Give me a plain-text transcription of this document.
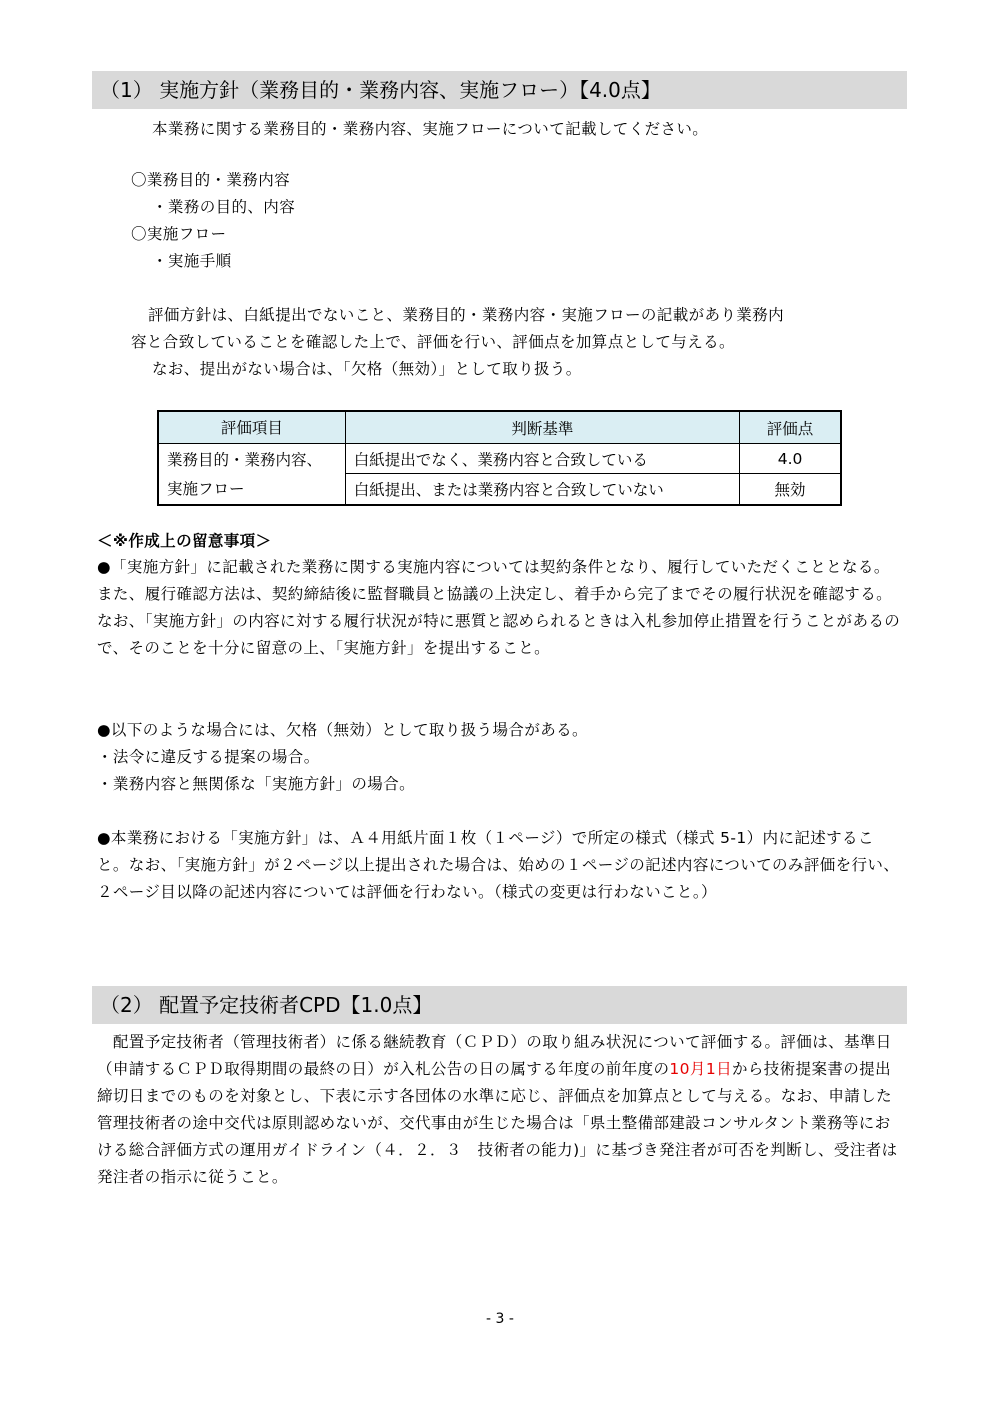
（1） 実施方針（業務目的・業務内容、実施フロー）【4.0点】
本業務に関する業務目的・業務内容、実施フローについて記載してください。
〇業務目的・業務内容
・業務の目的、内容
〇実施フロー
・実施手順
評価方針は、白紙提出でないこと、業務目的・業務内容・実施フローの記載があり業務内
容と合致していることを確認した上で、評価を行い、評価点を加算点として与える。
なお、提出がない場合は、「欠格（無効）」として取り扱う。
評価項目	判断基準	評価点
業務目的・業務内容、実施フロー	白紙提出でなく、業務内容と合致している	4.0
	白紙提出、または業務内容と合致していない	無効
＜※作成上の留意事項＞
●「実施方針」に記載された業務に関する実施内容については契約条件となり、履行していただくこととなる。また、履行確認方法は、契約締結後に監督職員と協議の上決定し、着手から完了までその履行状況を確認する。なお、「実施方針」の内容に対する履行状況が特に悪質と認められるときは入札参加停止措置を行うことがあるので、そのことを十分に留意の上、「実施方針」を提出すること。
●以下のような場合には、欠格（無効）として取り扱う場合がある。
・法令に違反する提案の場合。
・業務内容と無関係な「実施方針」の場合。
●本業務における「実施方針」は、Ａ４用紙片面１枚（１ページ）で所定の様式（様式 5-1）内に記述すること。なお、「実施方針」が２ページ以上提出された場合は、始めの１ページの記述内容についてのみ評価を行い、２ページ目以降の記述内容については評価を行わない。（様式の変更は行わないこと。）
（2） 配置予定技術者CPD【1.0点】
　配置予定技術者（管理技術者）に係る継続教育（ＣＰＤ）の取り組み状況について評価する。評価は、基準日（申請するＣＰＤ取得期間の最終の日）が入札公告の日の属する年度の前年度の10月1日から技術提案書の提出締切日までのものを対象とし、下表に示す各団体の水準に応じ、評価点を加算点として与える。なお、申請した管理技術者の途中交代は原則認めないが、交代事由が生じた場合は「県土整備部建設コンサルタント業務等における総合評価方式の運用ガイドライン（４．２．３　技術者の能力)」に基づき発注者が可否を判断し、受注者は発注者の指示に従うこと。
- 3 -
